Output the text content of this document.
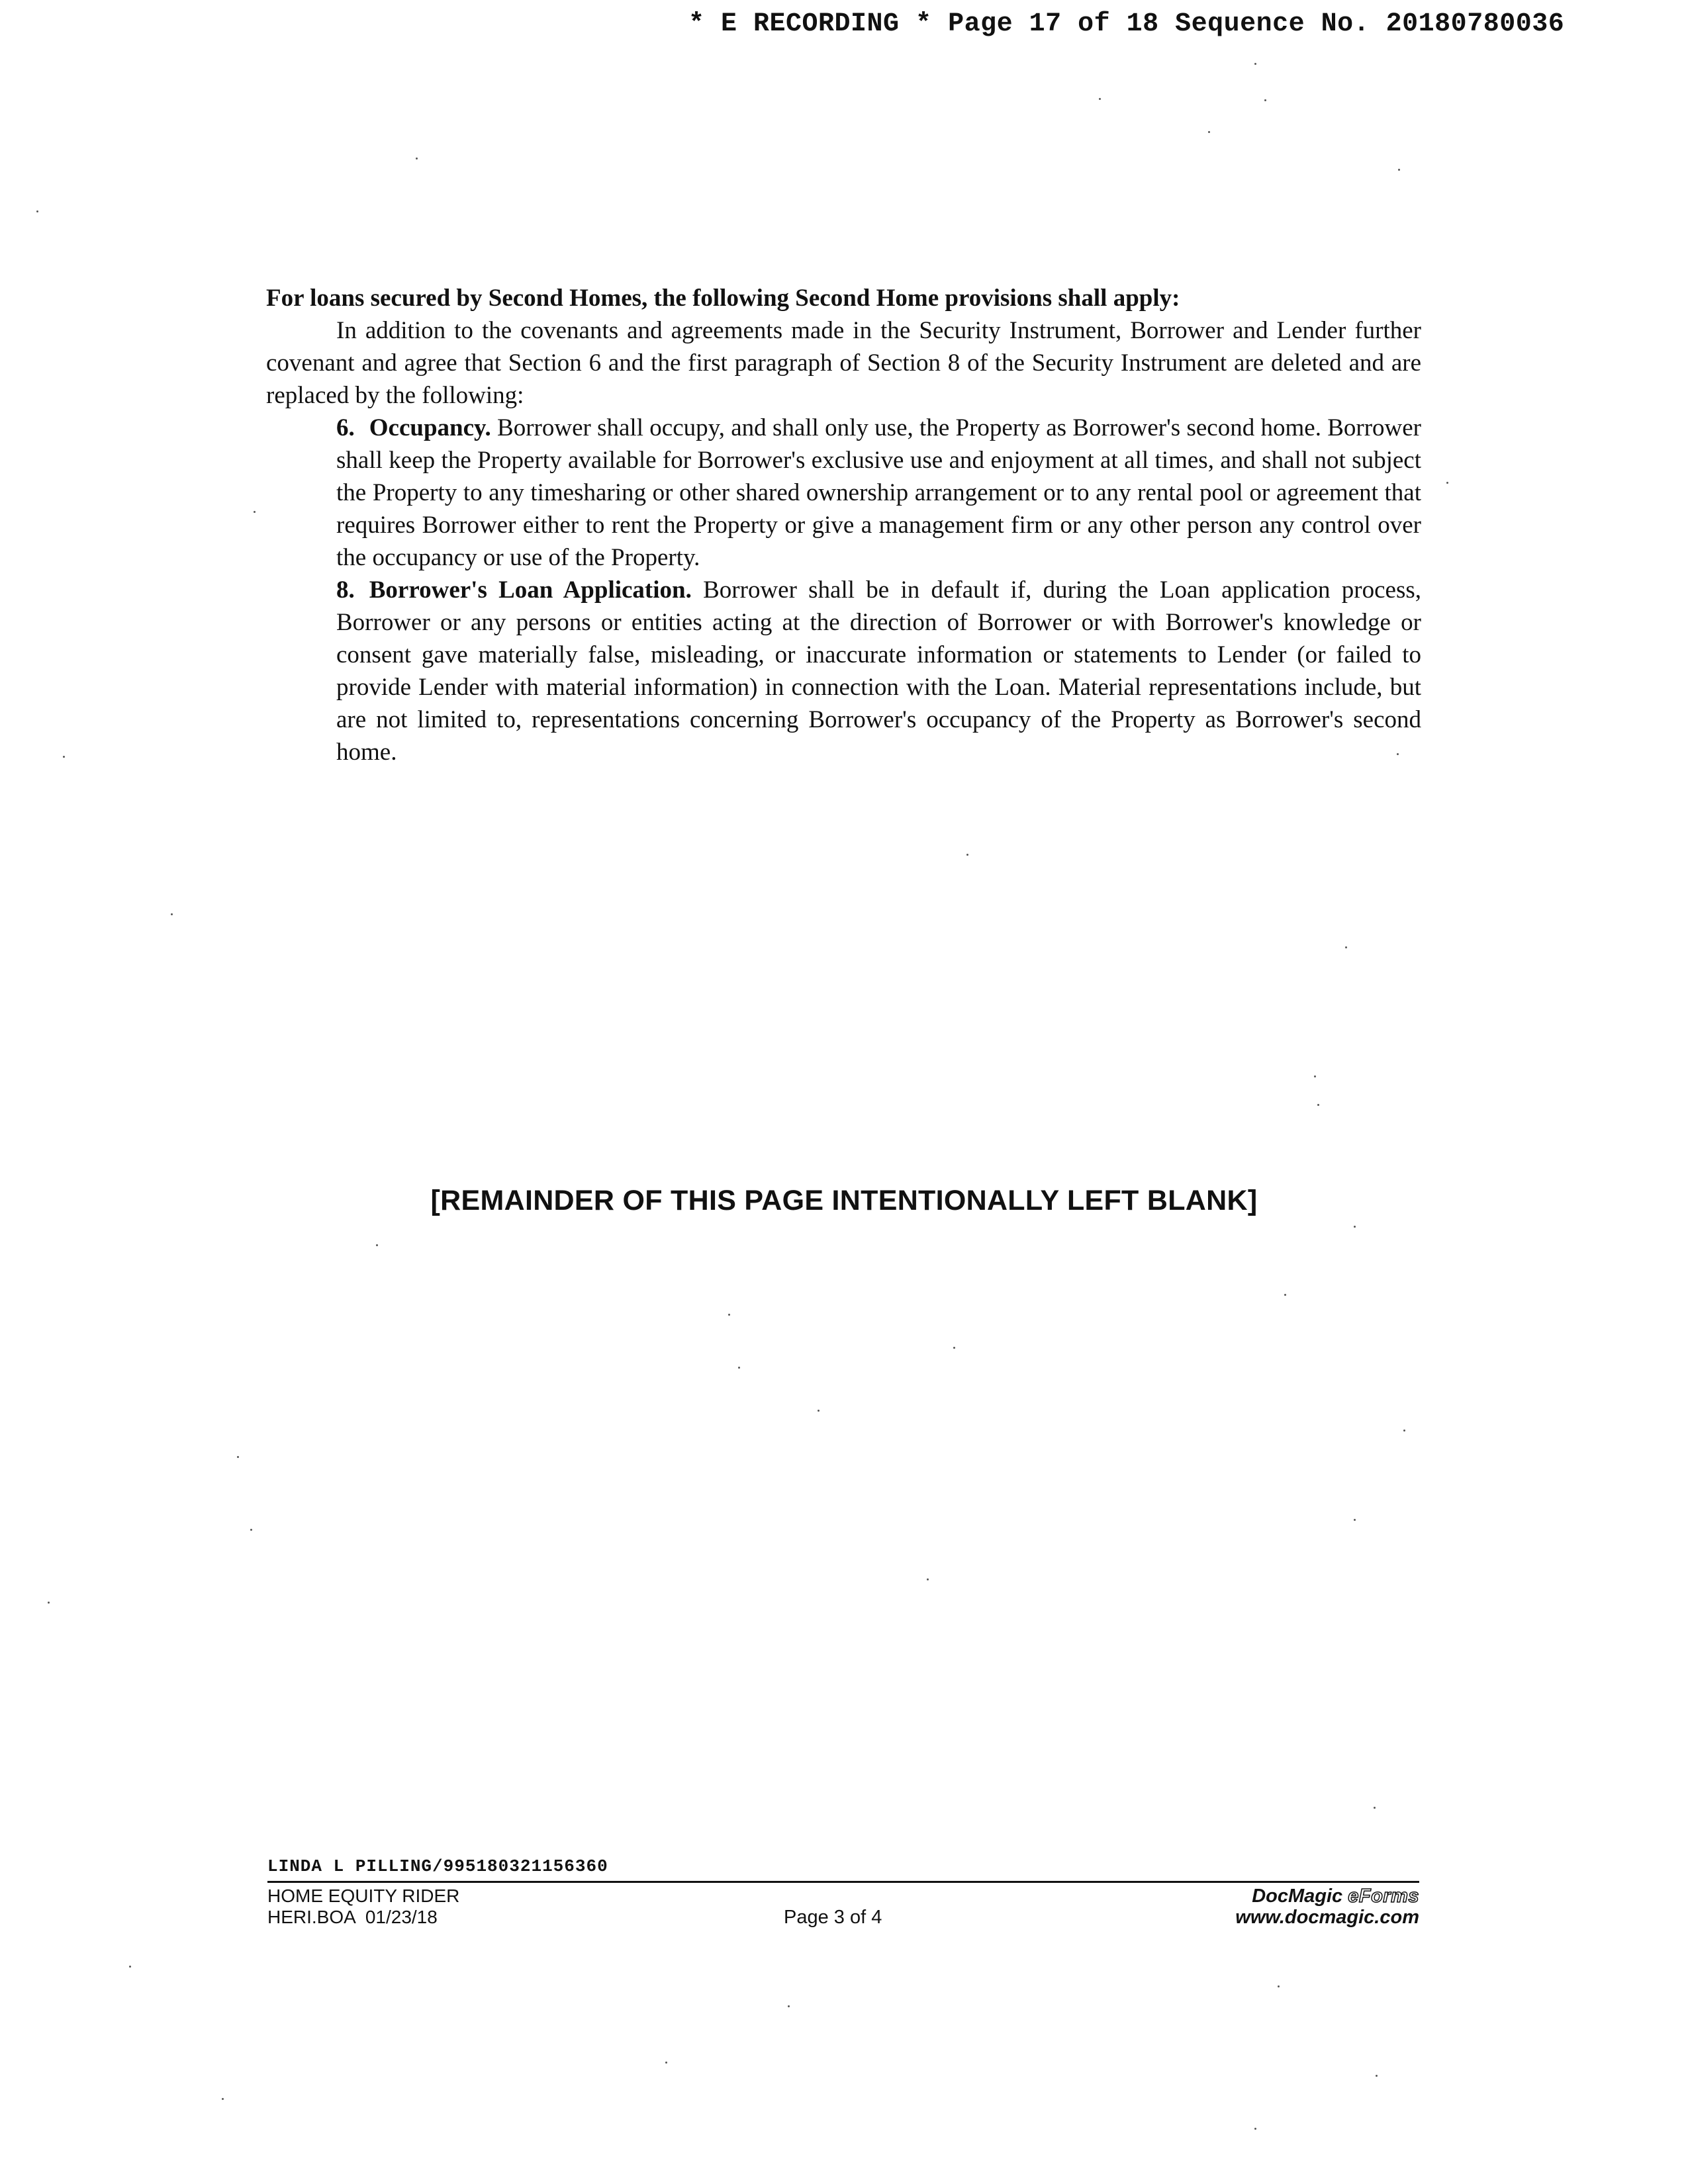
* E RECORDING * Page 17 of 18 Sequence No. 20180780036

For loans secured by Second Homes, the following Second Home provisions shall apply:

In addition to the covenants and agreements made in the Security Instrument, Borrower and Lender further covenant and agree that Section 6 and the first paragraph of Section 8 of the Security Instrument are deleted and are replaced by the following:

6. Occupancy. Borrower shall occupy, and shall only use, the Property as Borrower's second home. Borrower shall keep the Property available for Borrower's exclusive use and enjoyment at all times, and shall not subject the Property to any timesharing or other shared ownership arrangement or to any rental pool or agreement that requires Borrower either to rent the Property or give a management firm or any other person any control over the occupancy or use of the Property.

8. Borrower's Loan Application. Borrower shall be in default if, during the Loan application process, Borrower or any persons or entities acting at the direction of Borrower or with Borrower's knowledge or consent gave materially false, misleading, or inaccurate information or statements to Lender (or failed to provide Lender with material information) in connection with the Loan. Material representations include, but are not limited to, representations concerning Borrower's occupancy of the Property as Borrower's second home.

[REMAINDER OF THIS PAGE INTENTIONALLY LEFT BLANK]
LINDA L PILLING/995180321156360
HOME EQUITY RIDER
HERI.BOA  01/23/18	Page 3 of 4
DocMagic eForms
www.docmagic.com
